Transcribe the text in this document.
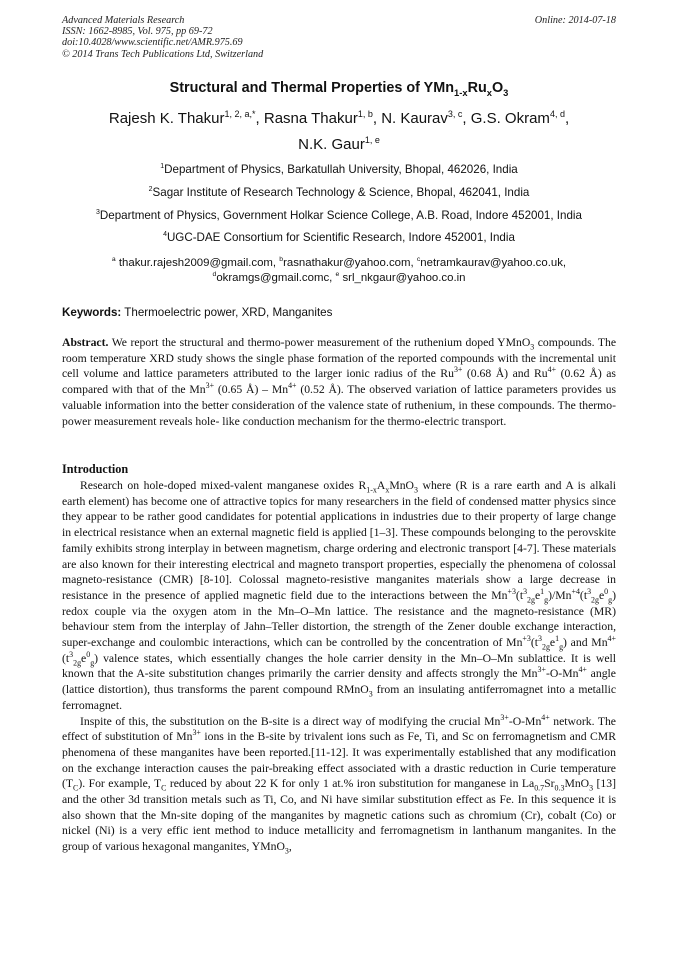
Advanced Materials Research
ISSN: 1662-8985, Vol. 975, pp 69-72
doi:10.4028/www.scientific.net/AMR.975.69
© 2014 Trans Tech Publications Ltd, Switzerland
Online: 2014-07-18
Structural and Thermal Properties of $YMn_{1-x}Ru_xO_3$
Rajesh K. Thakur$^{1, 2, a,*}$, Rasna Thakur$^{1, b}$, N. Kaurav$^{3, c}$, G.S. Okram$^{4, d}$,
N.K. Gaur$^{1, e}$
$^1$Department of Physics, Barkatullah University, Bhopal, 462026, India
$^2$Sagar Institute of Research Technology & Science, Bhopal, 462041, India
$^3$Department of Physics, Government Holkar Science College, A.B. Road, Indore 452001, India
$^4$UGC-DAE Consortium for Scientific Research, Indore 452001, India
$^a$ thakur.rajesh2009@gmail.com, $^b$rasnathakur@yahoo.com, $^c$netramkaurav@yahoo.co.uk,
$^d$okramgs@gmail.comc, $^e$ srl_nkgaur@yahoo.co.in
Keywords: Thermoelectric power, XRD, Manganites
Abstract. We report the structural and thermo-power measurement of the ruthenium doped YMnO$_3$ compounds. The room temperature XRD study shows the single phase formation of the reported compounds with the incremental unit cell volume and lattice parameters attributed to the larger ionic radius of the $Ru^{3+}$ (0.68 Å) and $Ru^{4+}$ (0.62 Å) as compared with that of the $Mn^{3+}$ (0.65 Å) – $Mn^{4+}$ (0.52 Å). The observed variation of lattice parameters provides us valuable information into the better consideration of the valence state of ruthenium, in these compounds. The thermo-power measurement reveals hole- like conduction mechanism for the thermo-electric transport.
Introduction

Research on hole-doped mixed-valent manganese oxides $R_{1-x}A_xMnO_3$ where (R is a rare earth and A is alkali earth element) has become one of attractive topics for many researchers in the field of condensed matter physics since they appear to be rather good candidates for potential applications in industries due to their property of large change in electrical resistance when an external magnetic field is applied [1–3]. These compounds belonging to the perovskite family exhibits strong interplay in between magnetism, charge ordering and electronic transport [4-7]. These materials are also known for their interesting electrical and magneto transport properties, especially the phenomena of colossal magneto-resistance (CMR) [8-10]. Colossal magneto-resistive manganites materials show a large decrease in resistance in the presence of applied magnetic field due to the interactions between the $Mn^{+3}(t^3_{2g}e^1_g)/Mn^{+4}(t^3_{2g}e^0_g)$ redox couple via the oxygen atom in the Mn–O–Mn lattice. The resistance and the magneto-resistance (MR) behaviour stem from the interplay of Jahn–Teller distortion, the strength of the Zener double exchange interaction, super-exchange and coulombic interactions, which can be controlled by the concentration of $Mn^{+3}(t^3_{2g}e^1_g)$ and $Mn^{4+}(t^3_{2g}e^0_g)$ valence states, which essentially changes the hole carrier density in the Mn–O–Mn sublattice. It is well known that the A-site substitution changes primarily the carrier density and affects strongly the $Mn^{3+}-O-Mn^{4+}$ angle (lattice distortion), thus transforms the parent compound RMnO$_3$ from an insulating antiferromagnet into a metallic ferromagnet.

Inspite of this, the substitution on the B-site is a direct way of modifying the crucial $Mn^{3+}-O-Mn^{4+}$ network. The effect of substitution of $Mn^{3+}$ ions in the B-site by trivalent ions such as Fe, Ti, and Sc on ferromagnetism and CMR phenomena of these manganites have been reported.[11-12]. It was experimentally established that any modification on the exchange interaction causes the pair-breaking effect associated with a drastic reduction in Curie temperature $(T_C)$. For example, $T_C$ reduced by about 22 K for only 1 at.% iron substitution for manganese in $La_{0.7}Sr_{0.3}MnO_3$ [13] and the other 3d transition metals such as Ti, Co, and Ni have similar substitution effect as Fe. In this sequence it is also shown that the Mn-site doping of the manganites by magnetic cations such as chromium (Cr), cobalt (Co) or nickel (Ni) is a very effic ient method to induce metallicity and ferromagnetism in lanthanum manganites. In the group of various hexagonal manganites, YMnO$_3$,
